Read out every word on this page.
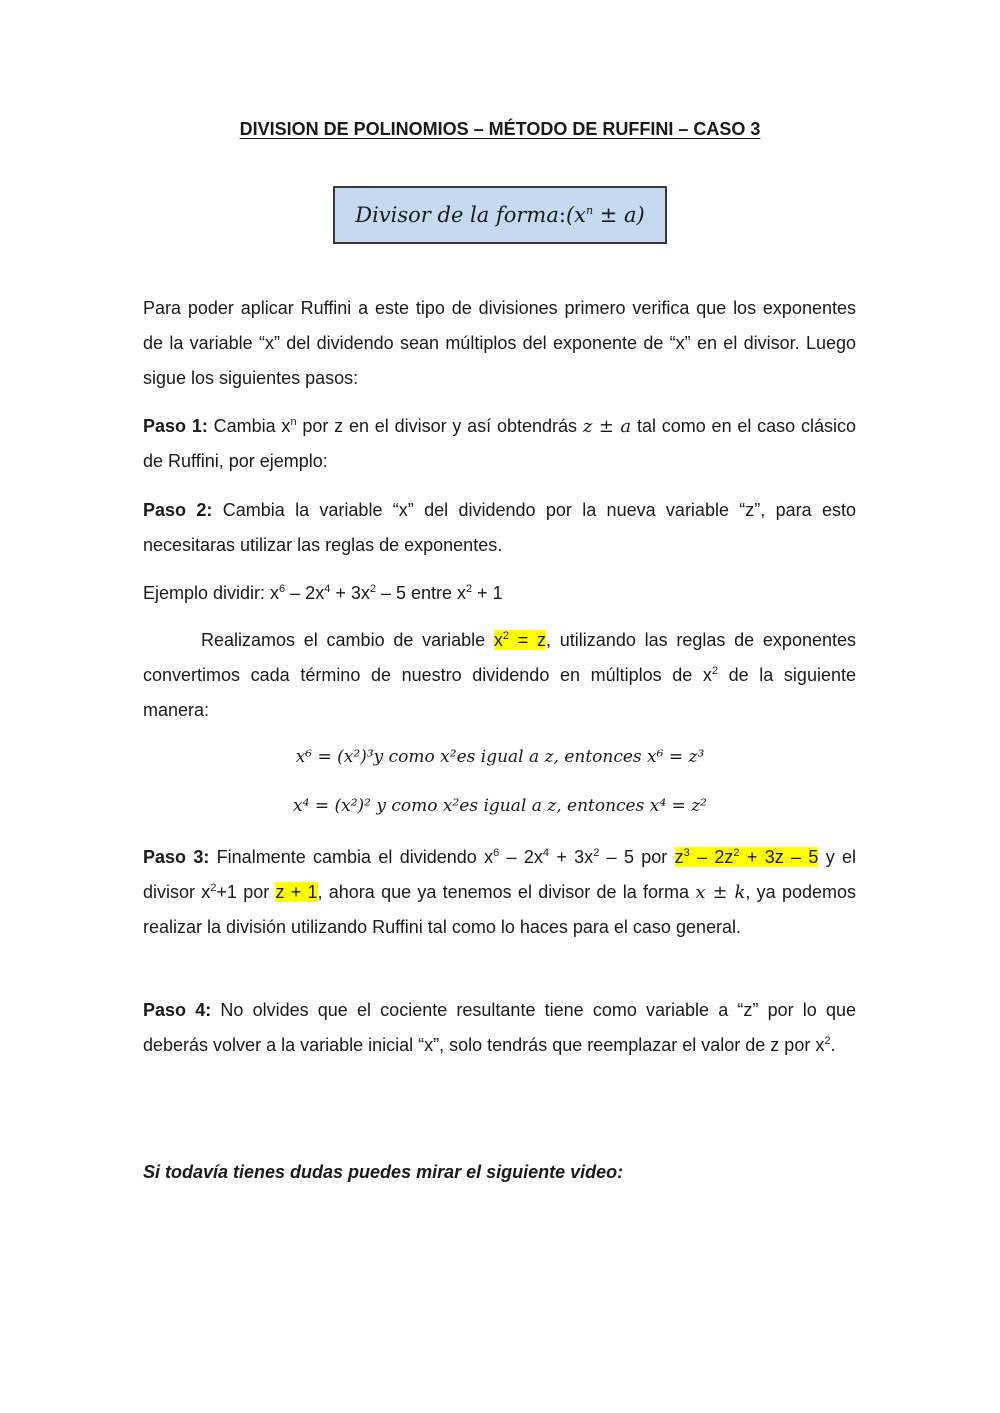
DIVISION DE POLINOMIOS – MÉTODO DE RUFFINI – CASO 3
Divisor de la $forma:(x^n \pm a)$
Para poder aplicar Ruffini a este tipo de divisiones primero verifica que los exponentes de la variable “x” del dividendo sean múltiplos del exponente de “x” en el divisor. Luego sigue los siguientes pasos:
Paso 1: Cambia $x^n$ por z en el divisor y así obtendrás z ± a tal como en el caso clásico de Ruffini, por ejemplo:
Paso 2: Cambia la variable “x” del dividendo por la nueva variable “z”, para esto necesitaras utilizar las reglas de exponentes.
Ejemplo dividir: $x^6 - 2x^4 + 3x^2 - 5$ entre $x^2 + 1$
Realizamos el cambio de variable $x^2 = z$, utilizando las reglas de exponentes convertimos cada término de nuestro dividendo en múltiplos de $x^2$ de la siguiente manera:
x⁶ = (x²)³y como x²es igual a z, entonces x⁶ = z³
x⁴ = (x²)² y como x²es igual a z, entonces x⁴ = z²
Paso 3: Finalmente cambia el dividendo $x^6 - 2x^4 + 3x^2 - 5$ por $z^3 - 2z^2 + 3z - 5$ y el divisor $x^2+1$ por z + 1, ahora que ya tenemos el divisor de la forma x ± k, ya podemos realizar la división utilizando Ruffini tal como lo haces para el caso general.
Paso 4: No olvides que el cociente resultante tiene como variable a “z” por lo que deberás volver a la variable inicial “x”, solo tendrás que reemplazar el valor de z por $x^2$.
Si todavía tienes dudas puedes mirar el siguiente video:
